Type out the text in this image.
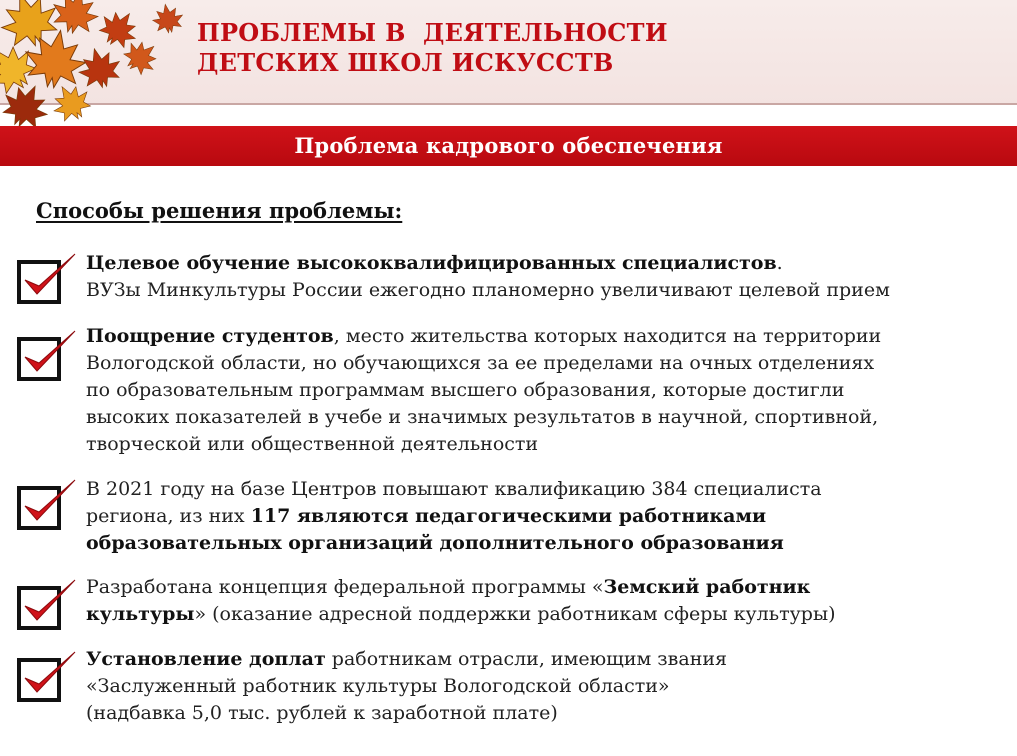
ПРОБЛЕМЫ В  ДЕЯТЕЛЬНОСТИ
ДЕТСКИХ ШКОЛ ИСКУССТВ
Проблема кадрового обеспечения
Способы решения проблемы:
Целевое обучение высококвалифицированных специалистов.
ВУЗы Минкультуры России ежегодно планомерно увеличивают целевой прием
Поощрение студентов, место жительства которых находится на территории
Вологодской области, но обучающихся за ее пределами на очных отделениях
по образовательным программам высшего образования, которые достигли
высоких показателей в учебе и значимых результатов в научной, спортивной,
творческой или общественной деятельности
В 2021 году на базе Центров повышают квалификацию 384 специалиста
региона, из них 117 являются педагогическими работниками
образовательных организаций дополнительного образования
Разработана концепция федеральной программы «Земский работник
культуры» (оказание адресной поддержки работникам сферы культуры)
Установление доплат работникам отрасли, имеющим звания
«Заслуженный работник культуры Вологодской области»
(надбавка 5,0 тыс. рублей к заработной плате)
